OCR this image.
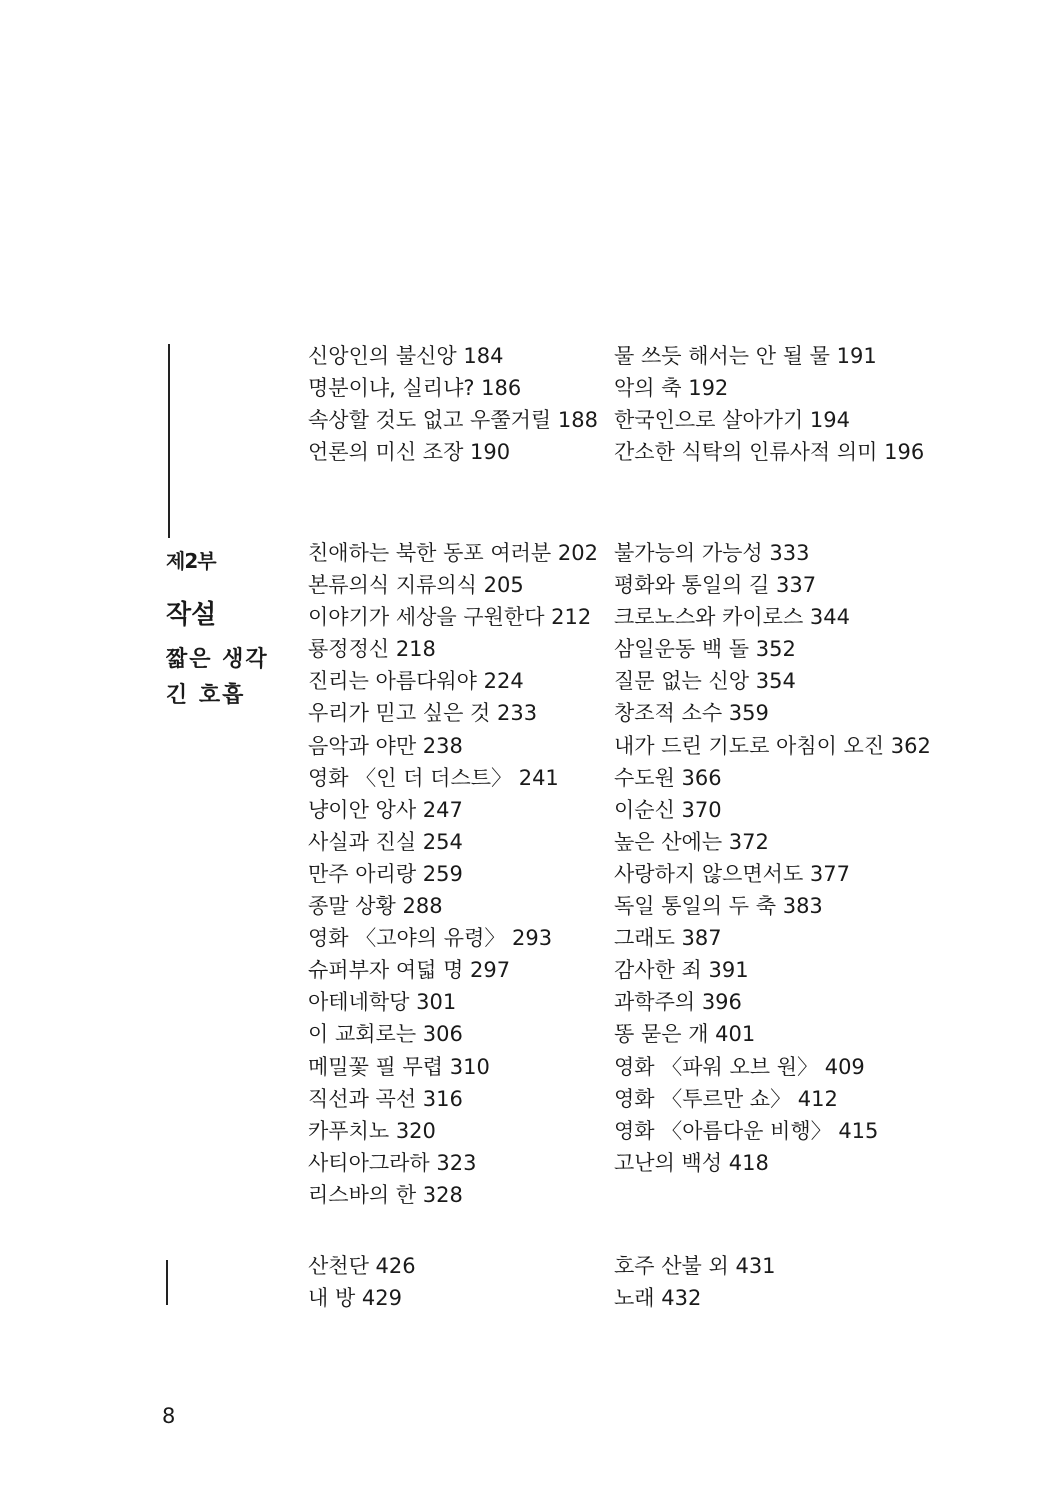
신앙인의 불신앙 184
명분이냐, 실리냐? 186
속상할 것도 없고 우쭐거릴 188
언론의 미신 조장 190
물 쓰듯 해서는 안 될 물 191
악의 축 192
한국인으로 살아가기 194
간소한 식탁의 인류사적 의미 196
제2부
작설
짧은 생각
긴 호흡
친애하는 북한 동포 여러분 202
본류의식 지류의식 205
이야기가 세상을 구원한다 212
룡정정신 218
진리는 아름다워야 224
우리가 믿고 싶은 것 233
음악과 야만 238
영화 〈인 더 더스트〉 241
냥이안 앙사 247
사실과 진실 254
만주 아리랑 259
종말 상황 288
영화 〈고야의 유령〉 293
슈퍼부자 여덟 명 297
아테네학당 301
이 교회로는 306
메밀꽃 필 무렵 310
직선과 곡선 316
카푸치노 320
사티아그라하 323
리스바의 한 328
불가능의 가능성 333
평화와 통일의 길 337
크로노스와 카이로스 344
삼일운동 백 돌 352
질문 없는 신앙 354
창조적 소수 359
내가 드린 기도로 아침이 오진 362
수도원 366
이순신 370
높은 산에는 372
사랑하지 않으면서도 377
독일 통일의 두 축 383
그래도 387
감사한 죄 391
과학주의 396
똥 묻은 개 401
영화 〈파워 오브 원〉 409
영화 〈투르만 쇼〉 412
영화 〈아름다운 비행〉 415
고난의 백성 418
산천단 426
내 방 429
호주 산불 외 431
노래 432
8
